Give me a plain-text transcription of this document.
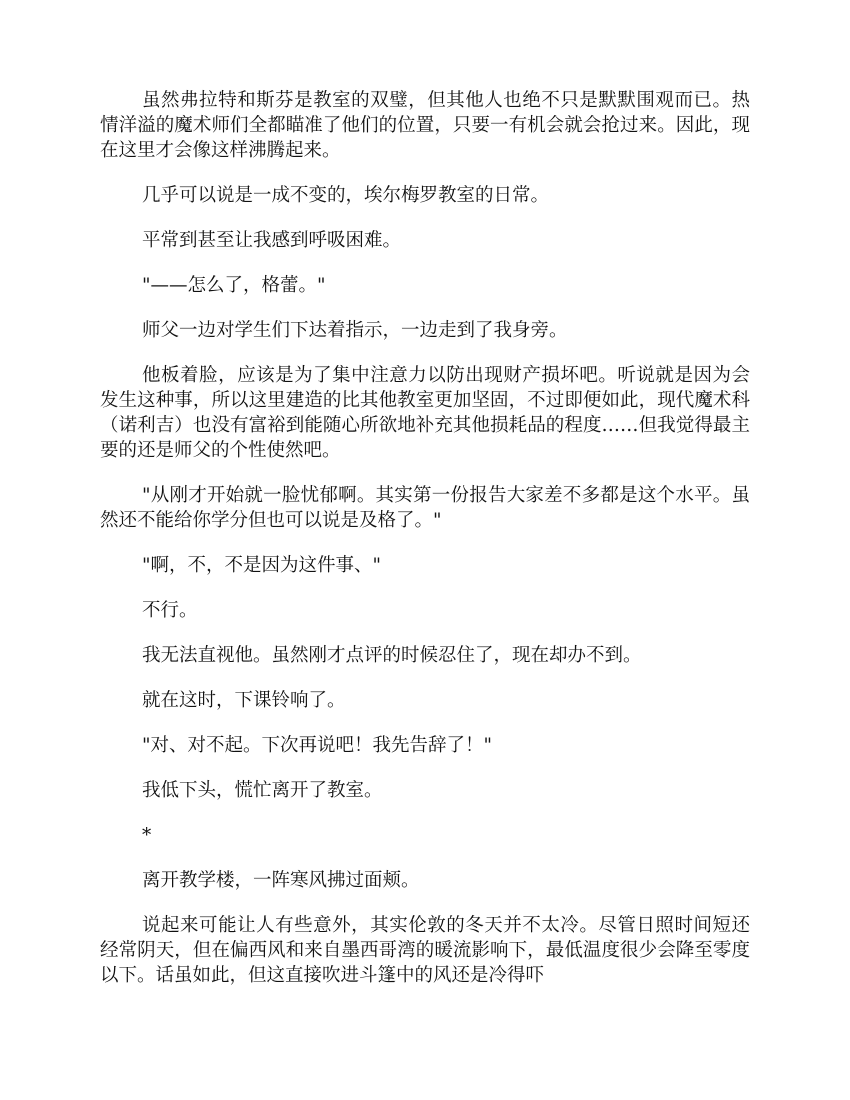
虽然弗拉特和斯芬是教室的双璧，但其他人也绝不只是默默围观而已。热情洋溢的魔术师们全都瞄准了他们的位置，只要一有机会就会抢过来。因此，现在这里才会像这样沸腾起来。

几乎可以说是一成不变的，埃尔梅罗教室的日常。

平常到甚至让我感到呼吸困难。

"——怎么了，格蕾。"

师父一边对学生们下达着指示，一边走到了我身旁。

他板着脸，应该是为了集中注意力以防出现财产损坏吧。听说就是因为会发生这种事，所以这里建造的比其他教室更加坚固，不过即便如此，现代魔术科（诺利吉）也没有富裕到能随心所欲地补充其他损耗品的程度……但我觉得最主要的还是师父的个性使然吧。

"从刚才开始就一脸忧郁啊。其实第一份报告大家差不多都是这个水平。虽然还不能给你学分但也可以说是及格了。"

"啊，不，不是因为这件事、"

不行。

我无法直视他。虽然刚才点评的时候忍住了，现在却办不到。

就在这时，下课铃响了。

"对、对不起。下次再说吧！我先告辞了！"

我低下头，慌忙离开了教室。

*

离开教学楼，一阵寒风拂过面颊。

说起来可能让人有些意外，其实伦敦的冬天并不太冷。尽管日照时间短还经常阴天，但在偏西风和来自墨西哥湾的暖流影响下，最低温度很少会降至零度以下。话虽如此，但这直接吹进斗篷中的风还是冷得吓
